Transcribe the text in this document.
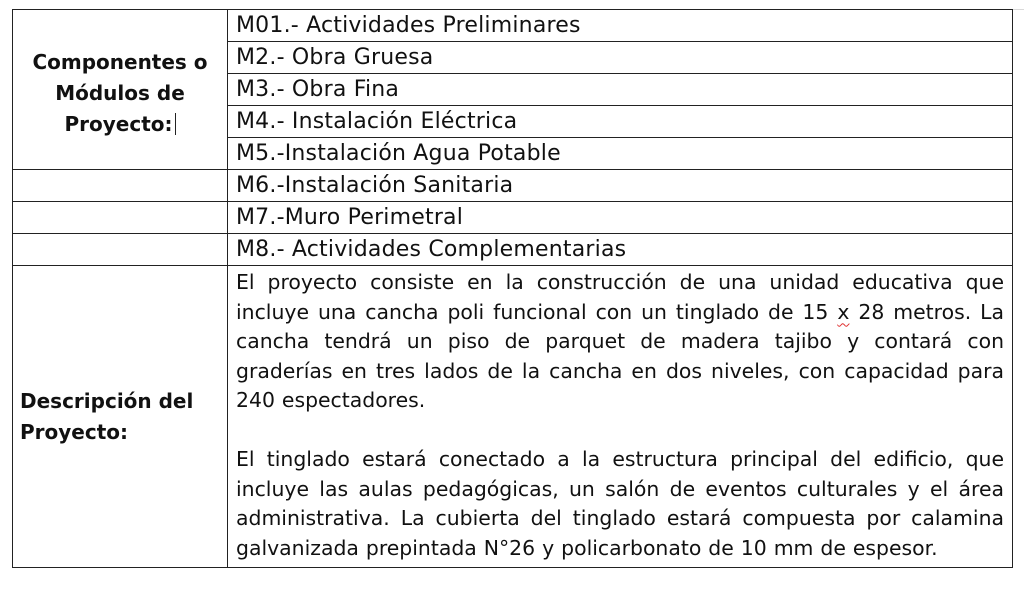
Componentes o Módulos de Proyecto:	M01.- Actividades Preliminares
	M2.- Obra Gruesa
	M3.- Obra Fina
	M4.- Instalación Eléctrica
	M5.-Instalación Agua Potable
	M6.-Instalación Sanitaria
	M7.-Muro Perimetral
	M8.- Actividades Complementarias
Descripción del Proyecto:	El proyecto consiste en la construcción de una unidad educativa que incluye una cancha poli funcional con un tinglado de 15 x 28 metros. La cancha tendrá un piso de parquet de madera tajibo y contará con graderías en tres lados de la cancha en dos niveles, con capacidad para 240 espectadores.

El tinglado estará conectado a la estructura principal del edificio, que incluye las aulas pedagógicas, un salón de eventos culturales y el área administrativa. La cubierta del tinglado estará compuesta por calamina galvanizada prepintada N°26 y policarbonato de 10 mm de espesor.
